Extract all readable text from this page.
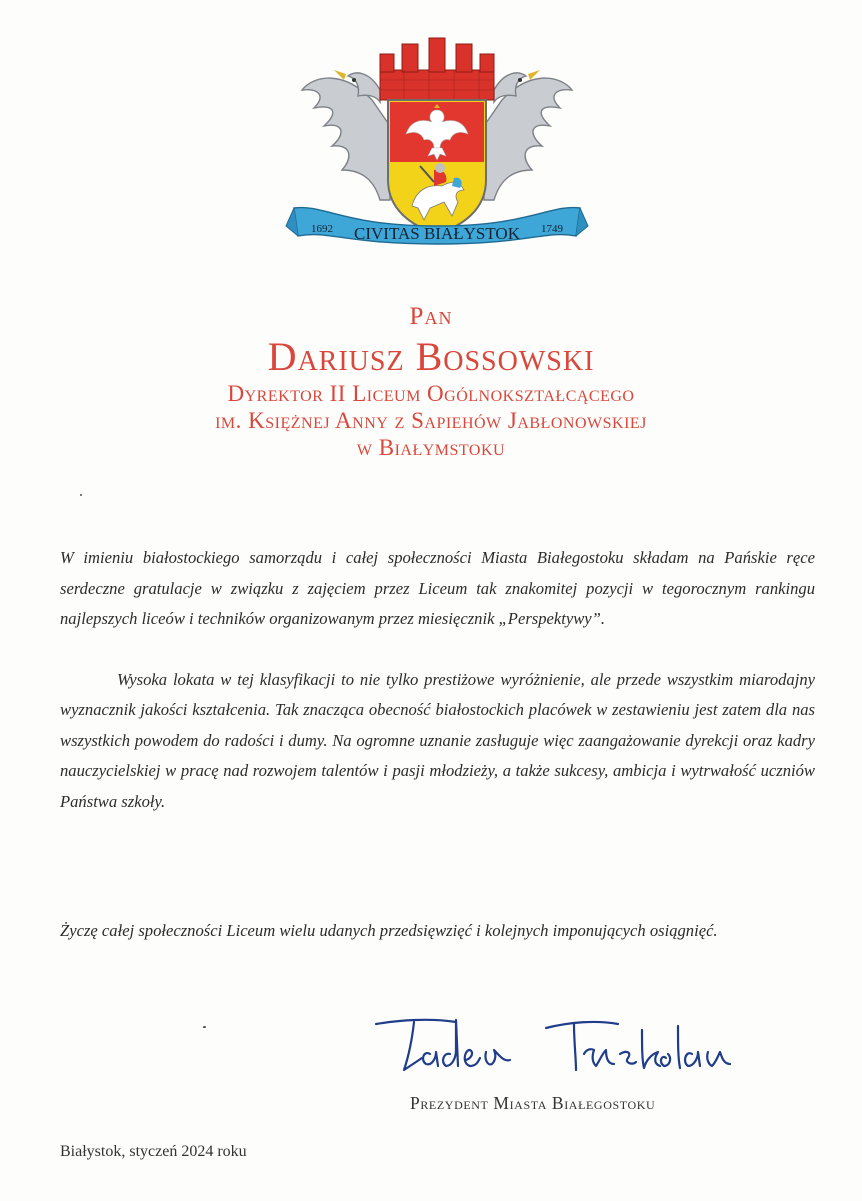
CIVITAS BIAŁYSTOK
1692	1749
Pan
Dariusz Bossowski
Dyrektor II Liceum Ogólnokształcącego
im. Księżnej Anny z Sapiehów Jabłonowskiej
w Białymstoku

W imieniu białostockiego samorządu i całej społeczności Miasta Białegostoku składam na Pańskie ręce serdeczne gratulacje w związku z zajęciem przez Liceum tak znakomitej pozycji w tegorocznym rankingu najlepszych liceów i techników organizowanym przez miesięcznik „Perspektywy”.

Wysoka lokata w tej klasyfikacji to nie tylko prestiżowe wyróżnienie, ale przede wszystkim miarodajny wyznacznik jakości kształcenia. Tak znacząca obecność białostockich placówek w zestawieniu jest zatem dla nas wszystkich powodem do radości i dumy. Na ogromne uznanie zasługuje więc zaangażowanie dyrekcji oraz kadry nauczycielskiej w pracę nad rozwojem talentów i pasji młodzieży, a także sukcesy, ambicja i wytrwałość uczniów Państwa szkoły.

Życzę całej społeczności Liceum wielu udanych przedsięwzięć i kolejnych imponujących osiągnięć.
Prezydent Miasta Białegostoku
Białystok, styczeń 2024 roku
